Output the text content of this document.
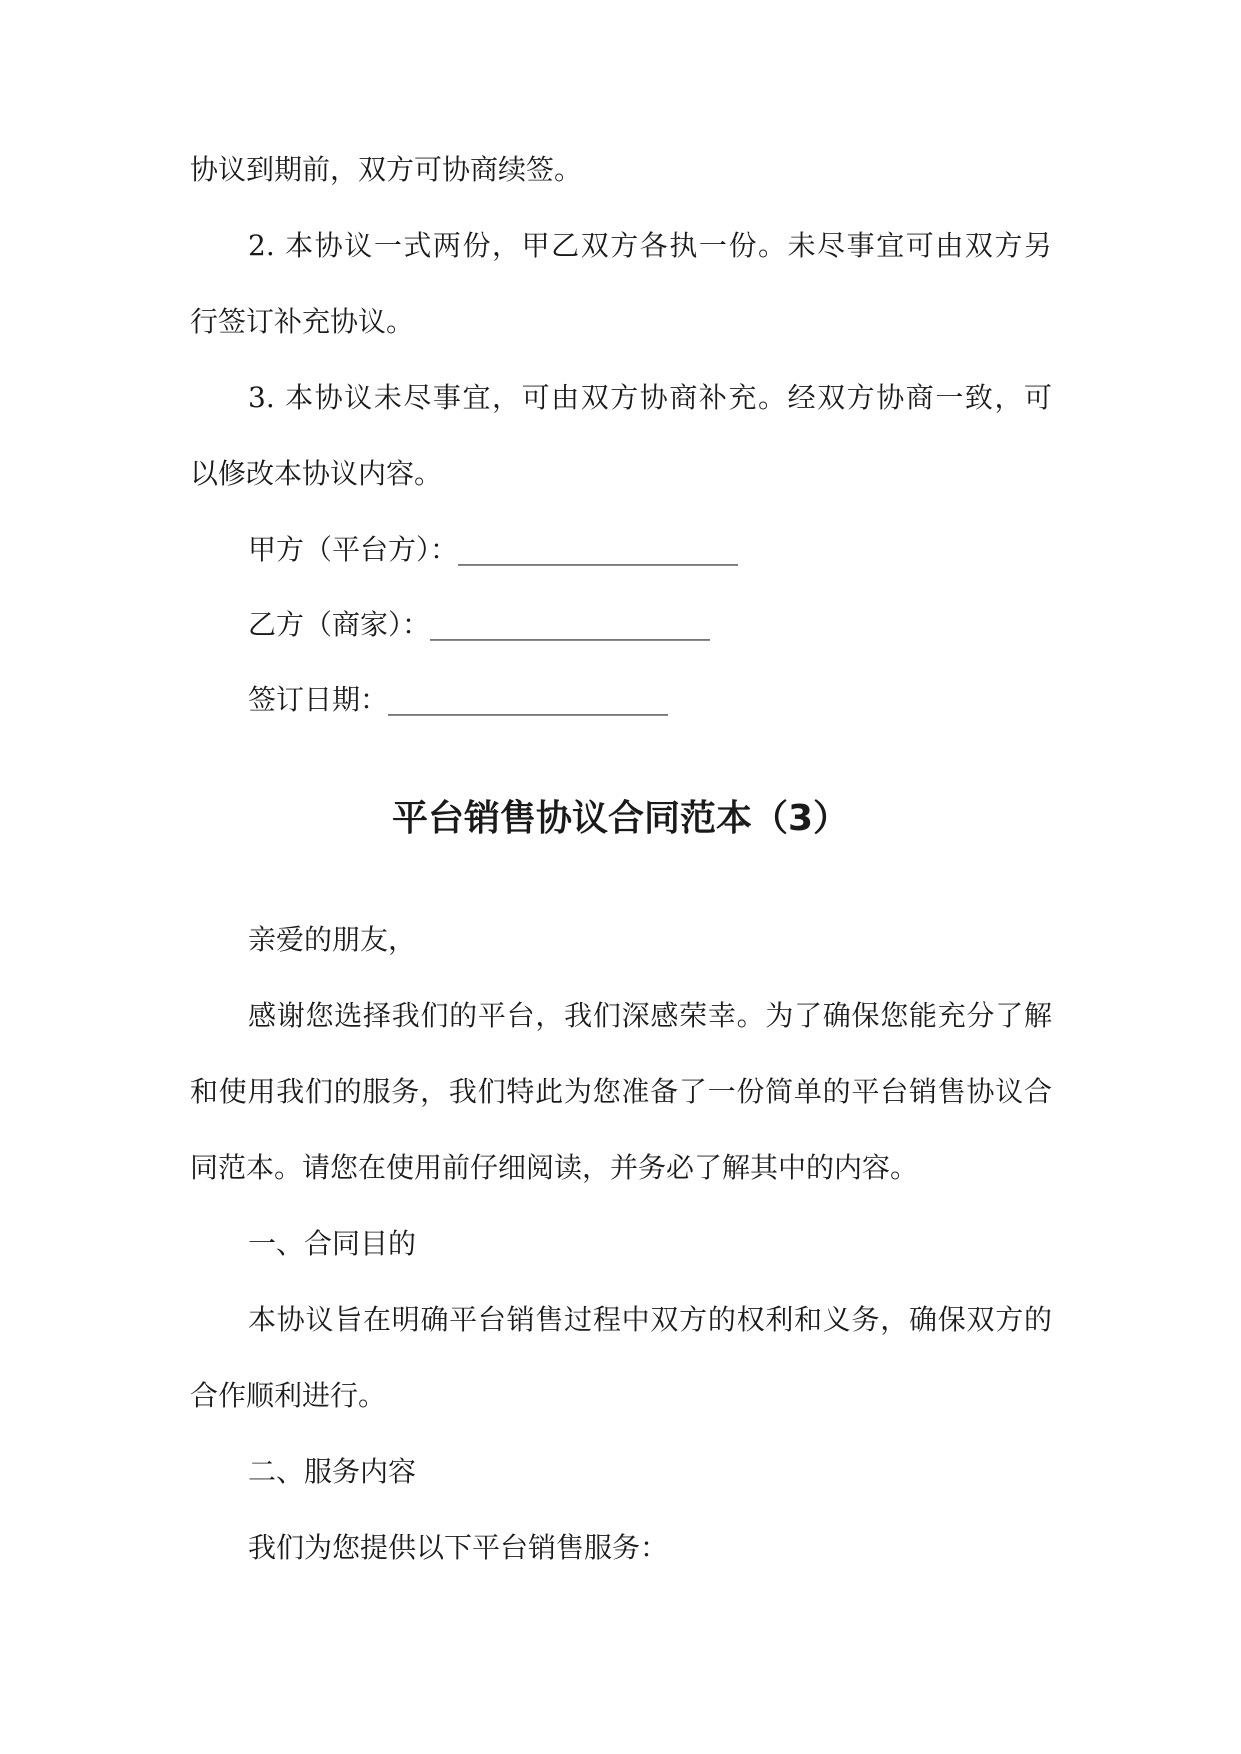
协议到期前，双方可协商续签。

2. 本协议一式两份，甲乙双方各执一份。未尽事宜可由双方另

行签订补充协议。

3. 本协议未尽事宜，可由双方协商补充。经双方协商一致，可

以修改本协议内容。

甲方（平台方）：____________________

乙方（商家）：____________________

签订日期：____________________

平台销售协议合同范本（3）

亲爱的朋友，

感谢您选择我们的平台，我们深感荣幸。为了确保您能充分了解

和使用我们的服务，我们特此为您准备了一份简单的平台销售协议合

同范本。请您在使用前仔细阅读，并务必了解其中的内容。

一、合同目的

本协议旨在明确平台销售过程中双方的权利和义务，确保双方的

合作顺利进行。

二、服务内容

我们为您提供以下平台销售服务：
